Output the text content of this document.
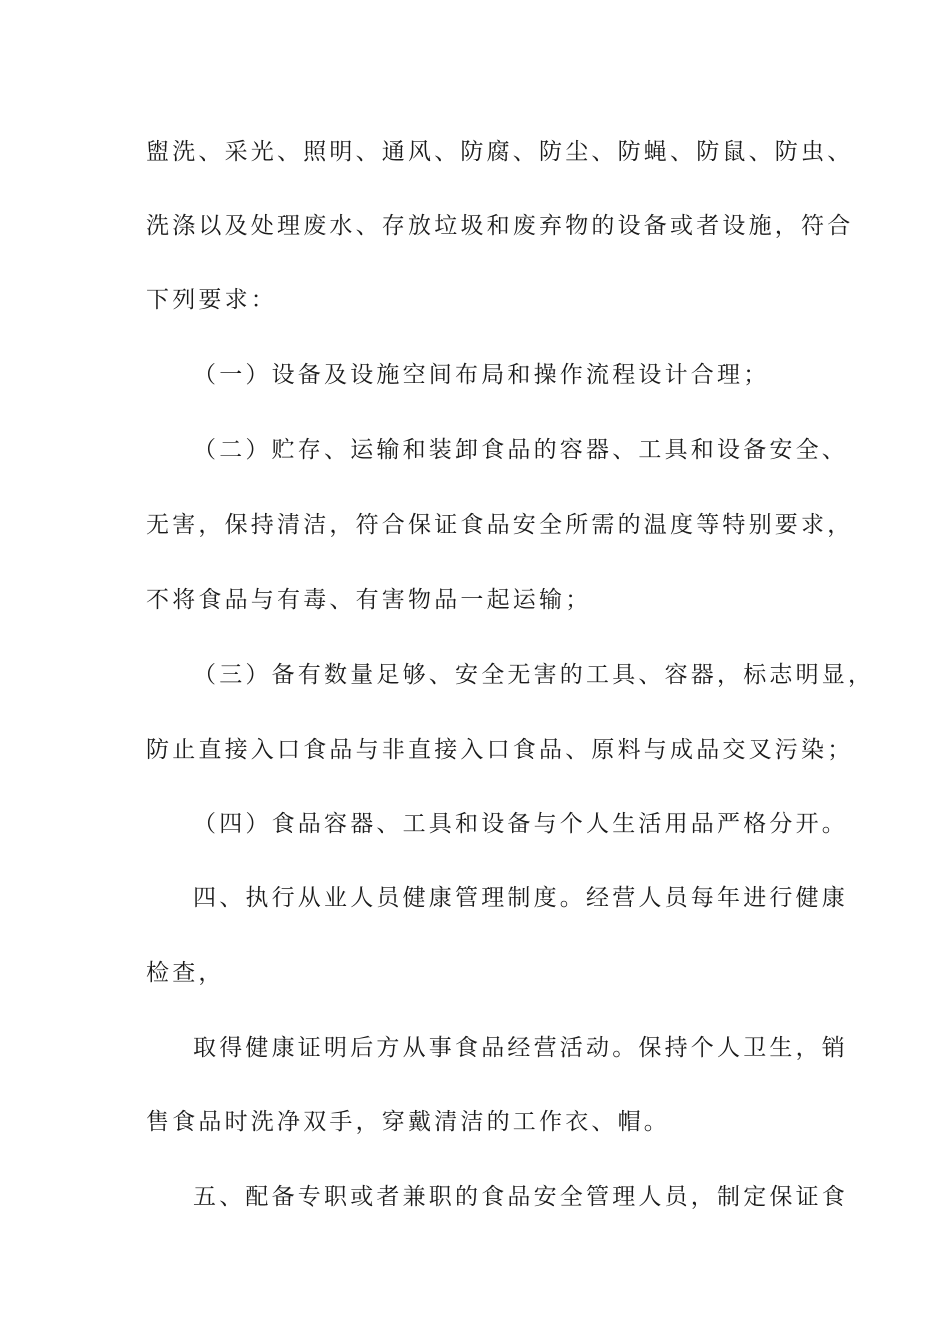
盥洗、采光、照明、通风、防腐、防尘、防蝇、防鼠、防虫、
洗涤以及处理废水、存放垃圾和废弃物的设备或者设施，符合
下列要求：
（一）设备及设施空间布局和操作流程设计合理；
（二）贮存、运输和装卸食品的容器、工具和设备安全、
无害，保持清洁，符合保证食品安全所需的温度等特别要求，
不将食品与有毒、有害物品一起运输；
（三）备有数量足够、安全无害的工具、容器，标志明显，
防止直接入口食品与非直接入口食品、原料与成品交叉污染；
（四）食品容器、工具和设备与个人生活用品严格分开。
四、执行从业人员健康管理制度。经营人员每年进行健康
检查，
取得健康证明后方从事食品经营活动。保持个人卫生，销
售食品时洗净双手，穿戴清洁的工作衣、帽。
五、配备专职或者兼职的食品安全管理人员，制定保证食
